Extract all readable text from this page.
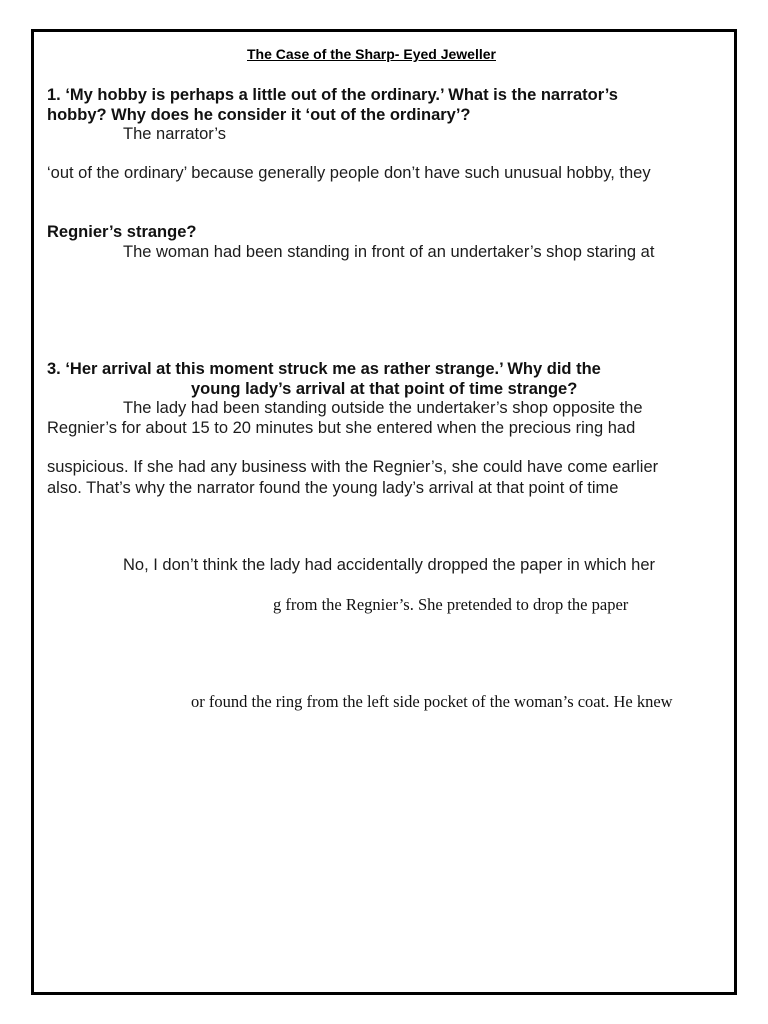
The Case of the Sharp- Eyed Jeweller
1. ‘My hobby is perhaps a little out of the ordinary.’ What is the narrator’s
hobby? Why does he consider it ‘out of the ordinary’?
The narrator’s
‘out of the ordinary’ because generally people don’t have such unusual hobby, they
Regnier’s strange?
The woman had been standing in front of an undertaker’s shop staring at
3. ‘Her arrival at this moment struck me as rather strange.’ Why did the
young lady’s arrival at that point of time strange?
The lady had been standing outside the undertaker’s shop opposite the
Regnier’s for about 15 to 20 minutes but she entered when the precious ring had
suspicious. If she had any business with the Regnier’s, she could have come earlier
also. That’s why the narrator found the young lady’s arrival at that point of time
No, I don’t think the lady had accidentally dropped the paper in which her
g from the Regnier’s. She pretended to drop the paper
or found the ring from the left side pocket of the woman’s coat. He knew
